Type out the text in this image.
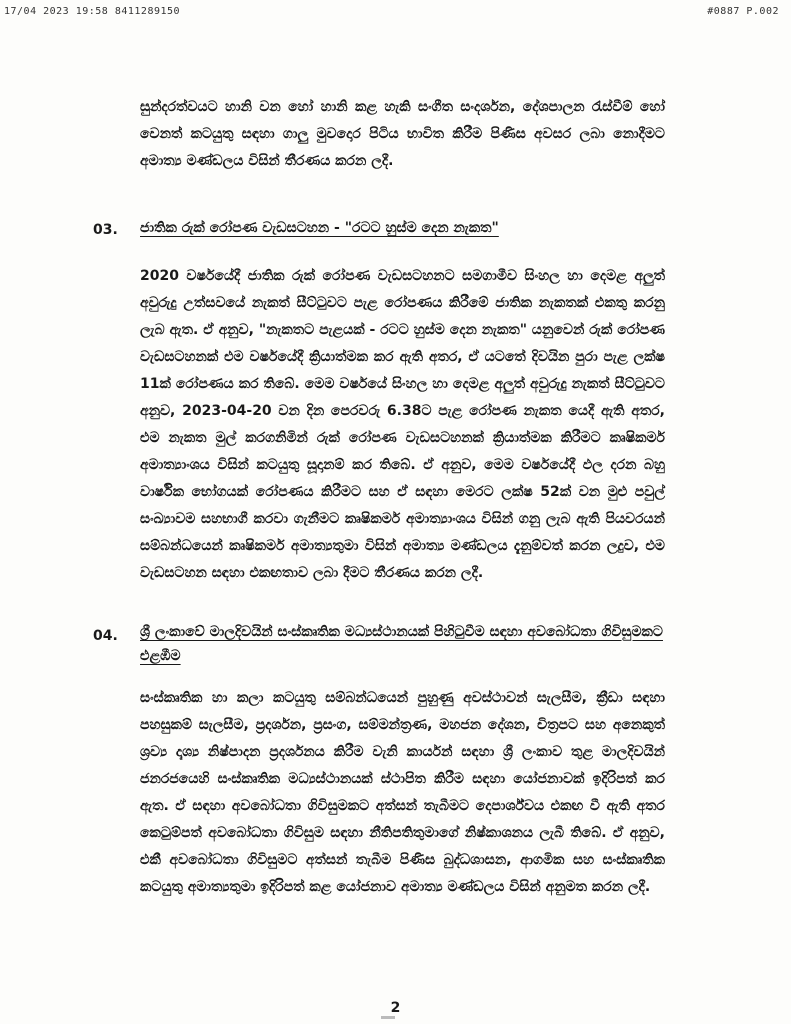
17/04 2023 19:58 8411289150	#0887 P.002
සුන්දරත්වයට හානි වන හෝ හානි කළ හැකි සංගීත සංදර්ශන, දේශපාලන රැස්වීම් හෝ වෙනත් කටයුතු සඳහා ගාලු මුවදොර පිටිය භාවිත කිරීම පිණිස අවසර ලබා නොදීමට අමාත්‍ය මණ්ඩලය විසින් තීරණය කරන ලදී.
03. ජාතික රුක් රෝපණ වැඩසටහන - "රටට හුස්ම දෙන නැකත"
2020 වර්ෂයේදී ජාතික රුක් රෝපණ වැඩසටහනට සමගාමීව සිංහල හා දෙමළ අලුත් අවුරුදු උත්සවයේ නැකත් සීට්ටුවට පැළ රෝපණය කිරීමේ ජාතික නැකතක් එකතු කරනු ලැබ ඇත. ඒ අනුව, "නැකතට පැළයක් - රටට හුස්ම දෙන නැකත" යනුවෙන් රුක් රෝපණ වැඩසටහනක් එම වර්ෂයේදී ක්‍රියාත්මක කර ඇති අතර, ඒ යටතේ දිවයින පුරා පැළ ලක්ෂ 11ක් රෝපණය කර තිබේ. මෙම වර්ෂයේ සිංහල හා දෙමළ අලුත් අවුරුදු නැකත් සීට්ටුවට අනුව, 2023-04-20 වන දින පෙරවරු 6.38ට පැළ රෝපණ නැකත යෙදී ඇති අතර, එම නැකත මුල් කරගනිමින් රුක් රෝපණ වැඩසටහනක් ක්‍රියාත්මක කිරීමට කෘෂිකර්ම අමාත්‍යාංශය විසින් කටයුතු සූදානම් කර තිබේ. ඒ අනුව, මෙම වර්ෂයේදී ඵල දරන බහු වාර්ෂික භෝගයක් රෝපණය කිරීමට සහ ඒ සඳහා මෙරට ලක්ෂ 52ක් වන මුළු පවුල් සංඛ්‍යාවම සහභාගී කරවා ගැනීමට කෘෂිකර්ම අමාත්‍යාංශය විසින් ගනු ලැබ ඇති පියවරයන් සම්බන්ධයෙන් කෘෂිකර්ම අමාත්‍යතුමා විසින් අමාත්‍ය මණ්ඩලය දැනුම්වත් කරන ලදුව, එම වැඩසටහන සඳහා එකඟතාව ලබා දීමට තීරණය කරන ලදී.
04. ශ්‍රී ලංකාවේ මාලදිවයින් සංස්කෘතික මධ්‍යස්ථානයක් පිහිටුවීම සඳහා අවබෝධතා ගිවිසුමකට එළඹීම
සංස්කෘතික හා කලා කටයුතු සම්බන්ධයෙන් පුහුණු අවස්ථාවන් සැලසීම, ක්‍රීඩා සඳහා පහසුකම් සැලසීම, ප්‍රදර්ශන, ප්‍රසංග, සම්මන්ත්‍රණ, මහජන දේශන, චිත්‍රපට සහ අනෙකුත් ශ්‍රව්‍ය දෘශ්‍ය නිෂ්පාදන ප්‍රදර්ශනය කිරීම වැනි කාර්යන් සඳහා ශ්‍රී ලංකාව තුළ මාලදිවයින් ජනරජයෙහි සංස්කෘතික මධ්‍යස්ථානයක් ස්ථාපිත කිරීම සඳහා යෝජනාවක් ඉදිරිපත් කර ඇත. ඒ සඳහා අවබෝධතා ගිවිසුමකට අත්සන් තැබීමට දෙපාර්ශ්වය එකඟ වී ඇති අතර කෙටුම්පත් අවබෝධතා ගිවිසුම සඳහා නීතිපතිතුමාගේ නිෂ්කාශනය ලැබී තිබේ. ඒ අනුව, එකී අවබෝධතා ගිවිසුමට අත්සන් තැබීම පිණිස බුද්ධශාසන, ආගමික සහ සංස්කෘතික කටයුතු අමාත්‍යතුමා ඉදිරිපත් කළ යෝජනාව අමාත්‍ය මණ්ඩලය විසින් අනුමත කරන ලදී.
2
